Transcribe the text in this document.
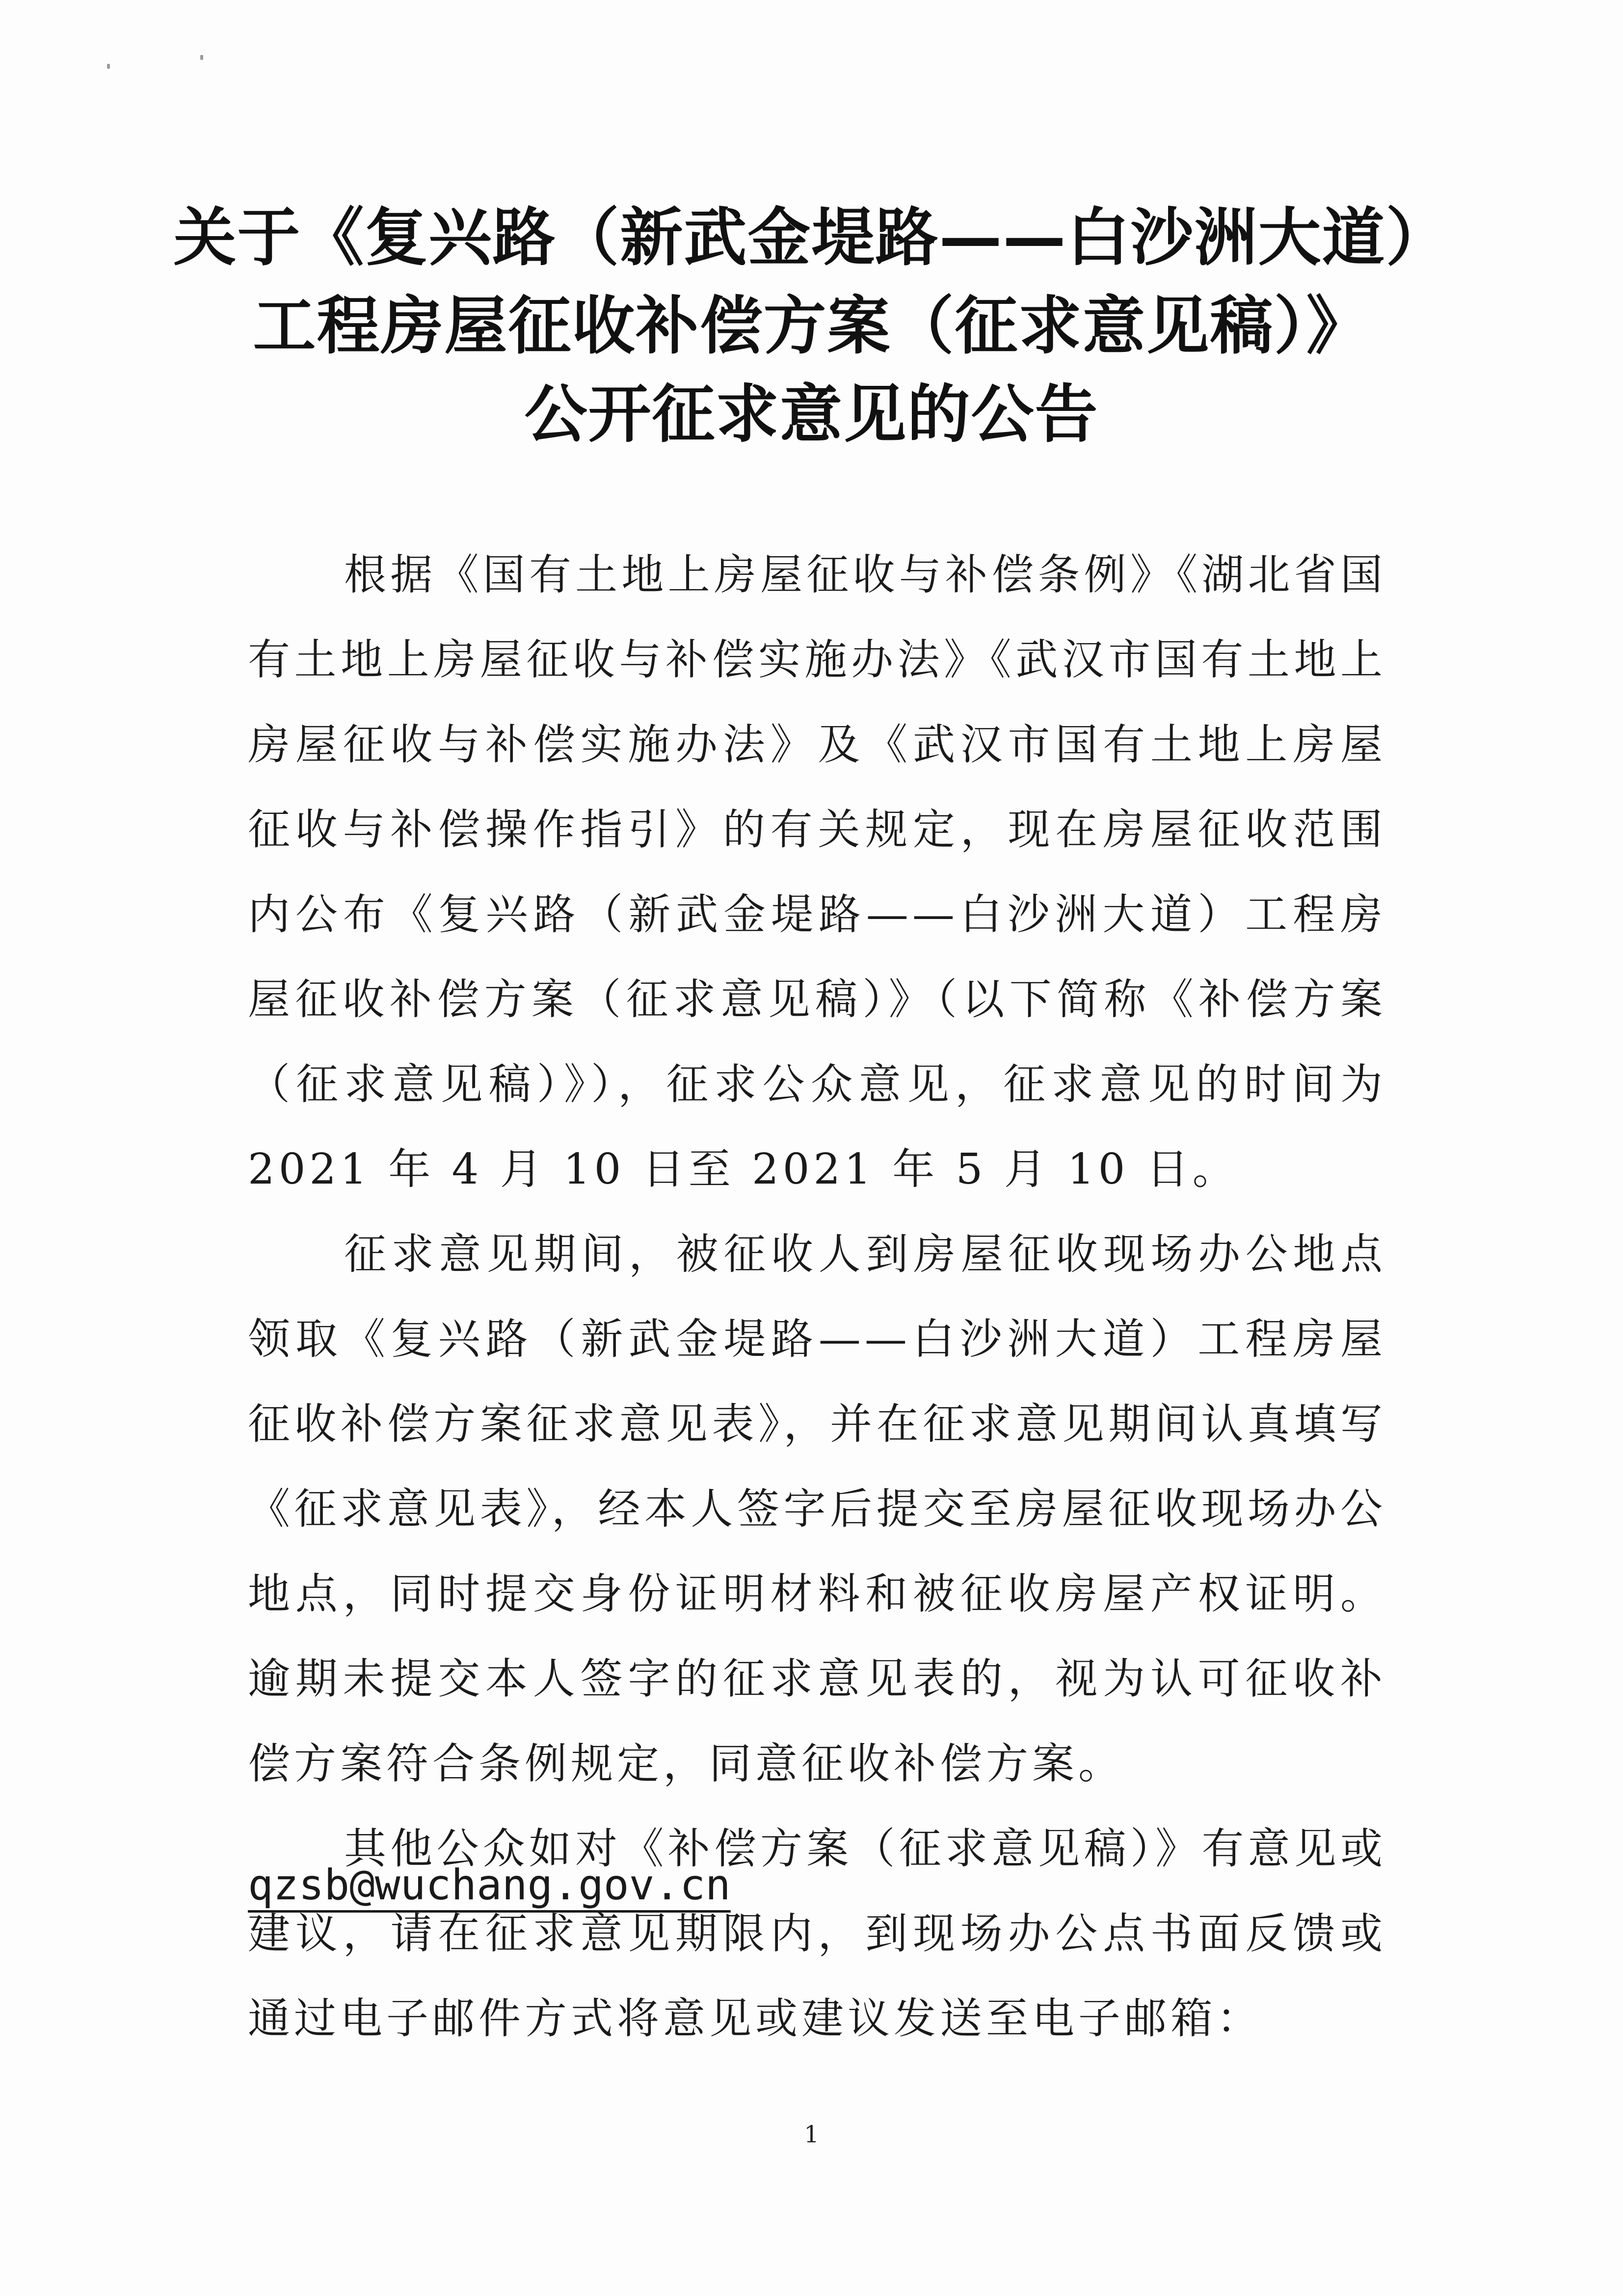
关于《复兴路（新武金堤路——白沙洲大道）
工程房屋征收补偿方案（征求意见稿）》
公开征求意见的公告

根据《国有土地上房屋征收与补偿条例》《湖北省国有土地上房屋征收与补偿实施办法》《武汉市国有土地上房屋征收与补偿实施办法》及《武汉市国有土地上房屋征收与补偿操作指引》的有关规定，现在房屋征收范围内公布《复兴路（新武金堤路——白沙洲大道）工程房屋征收补偿方案（征求意见稿）》（以下简称《补偿方案（征求意见稿）》），征求公众意见，征求意见的时间为 2021 年 4 月 10 日至 2021 年 5 月 10 日。

征求意见期间，被征收人到房屋征收现场办公地点领取《复兴路（新武金堤路——白沙洲大道）工程房屋征收补偿方案征求意见表》，并在征求意见期间认真填写《征求意见表》，经本人签字后提交至房屋征收现场办公地点，同时提交身份证明材料和被征收房屋产权证明。逾期未提交本人签字的征求意见表的，视为认可征收补偿方案符合条例规定，同意征收补偿方案。

其他公众如对《补偿方案（征求意见稿）》有意见或建议，请在征求意见期限内，到现场办公点书面反馈或通过电子邮件方式将意见或建议发送至电子邮箱：

qzsb@wuchang.gov.cn
1
